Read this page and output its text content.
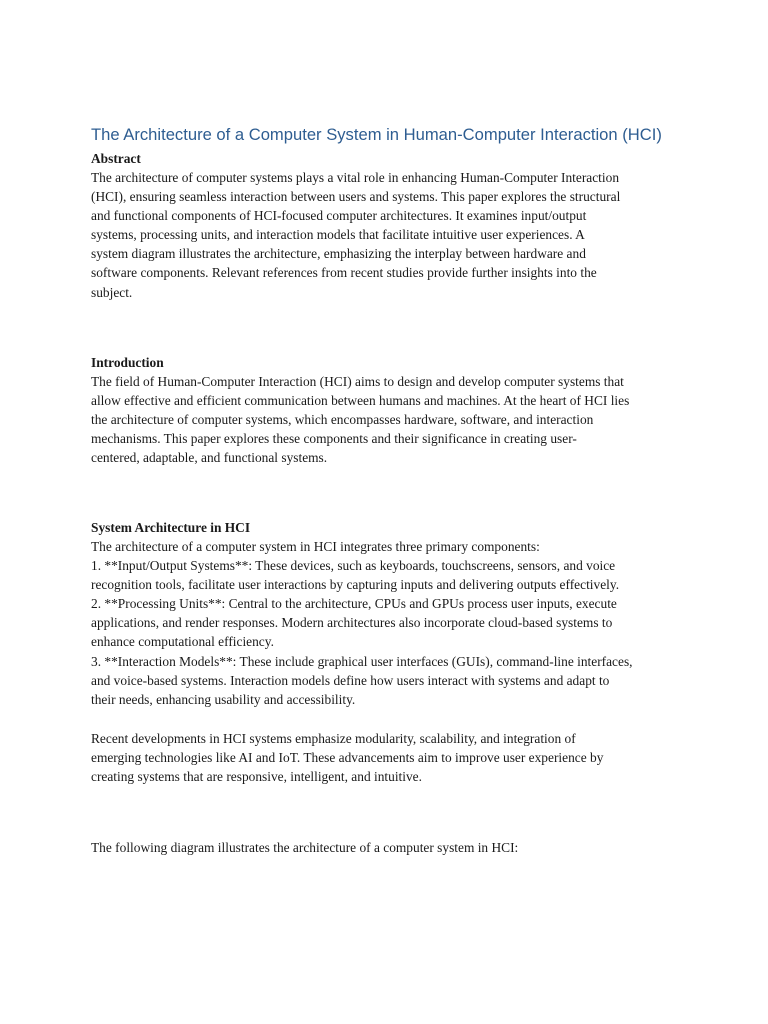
The Architecture of a Computer System in Human-Computer Interaction (HCI)
Abstract
The architecture of computer systems plays a vital role in enhancing Human-Computer Interaction
(HCI), ensuring seamless interaction between users and systems. This paper explores the structural
and functional components of HCI-focused computer architectures. It examines input/output
systems, processing units, and interaction models that facilitate intuitive user experiences. A
system diagram illustrates the architecture, emphasizing the interplay between hardware and
software components. Relevant references from recent studies provide further insights into the
subject.
Introduction
The field of Human-Computer Interaction (HCI) aims to design and develop computer systems that
allow effective and efficient communication between humans and machines. At the heart of HCI lies
the architecture of computer systems, which encompasses hardware, software, and interaction
mechanisms. This paper explores these components and their significance in creating user-
centered, adaptable, and functional systems.
System Architecture in HCI
The architecture of a computer system in HCI integrates three primary components:
1. **Input/Output Systems**: These devices, such as keyboards, touchscreens, sensors, and voice
recognition tools, facilitate user interactions by capturing inputs and delivering outputs effectively.
2. **Processing Units**: Central to the architecture, CPUs and GPUs process user inputs, execute
applications, and render responses. Modern architectures also incorporate cloud-based systems to
enhance computational efficiency.
3. **Interaction Models**: These include graphical user interfaces (GUIs), command-line interfaces,
and voice-based systems. Interaction models define how users interact with systems and adapt to
their needs, enhancing usability and accessibility.
Recent developments in HCI systems emphasize modularity, scalability, and integration of
emerging technologies like AI and IoT. These advancements aim to improve user experience by
creating systems that are responsive, intelligent, and intuitive.
The following diagram illustrates the architecture of a computer system in HCI:
